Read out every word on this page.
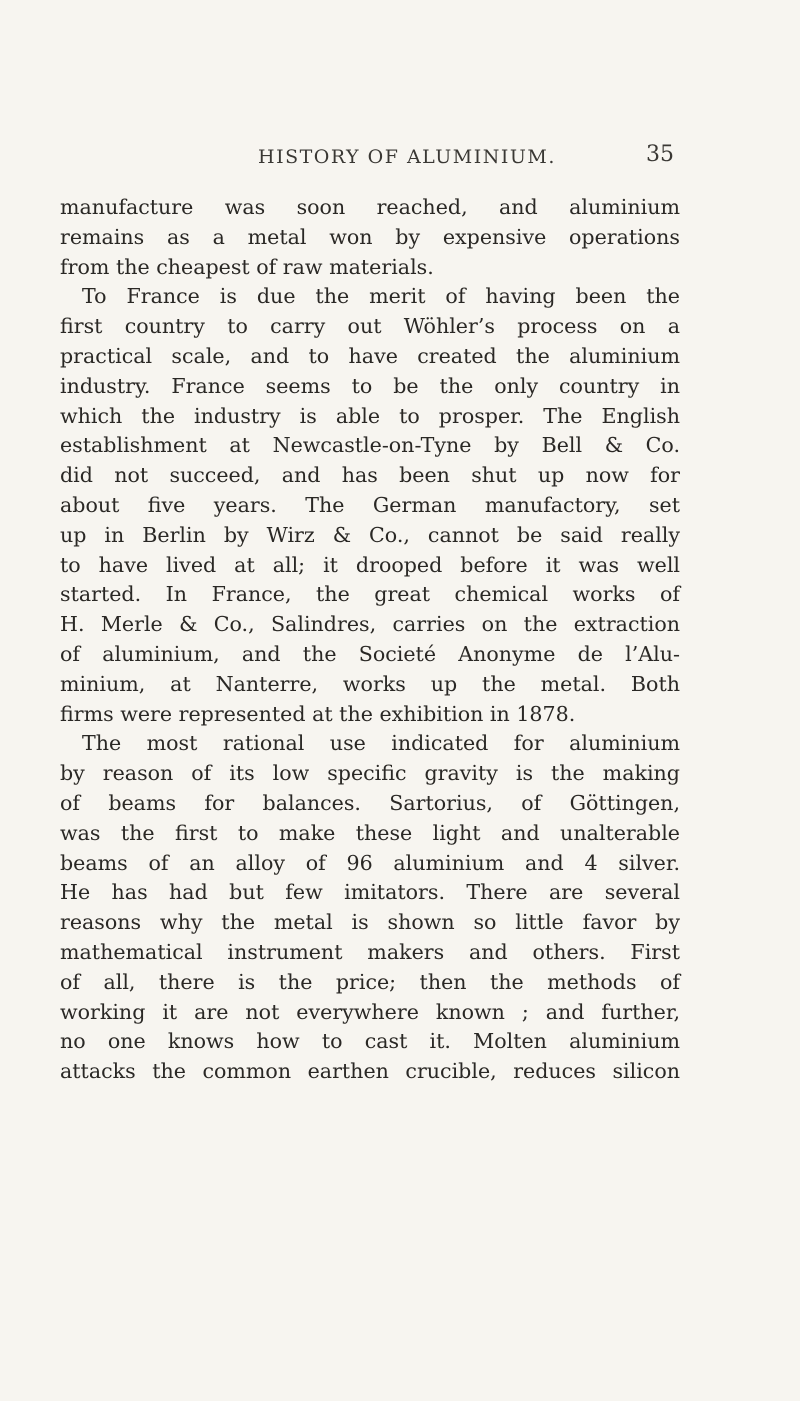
HISTORY OF ALUMINIUM.	35
manufacture was soon reached, and aluminium
remains as a metal won by expensive operations
from the cheapest of raw materials.
To France is due the merit of having been the
first country to carry out Wöhler’s process on a
practical scale, and to have created the aluminium
industry. France seems to be the only country in
which the industry is able to prosper. The English
establishment at Newcastle-on-Tyne by Bell & Co.
did not succeed, and has been shut up now for
about five years. The German manufactory, set
up in Berlin by Wirz & Co., cannot be said really
to have lived at all; it drooped before it was well
started. In France, the great chemical works of
H. Merle & Co., Salindres, carries on the extraction
of aluminium, and the Societé Anonyme de l’Alu-
minium, at Nanterre, works up the metal. Both
firms were represented at the exhibition in 1878.
The most rational use indicated for aluminium
by reason of its low specific gravity is the making
of beams for balances. Sartorius, of Göttingen,
was the first to make these light and unalterable
beams of an alloy of 96 aluminium and 4 silver.
He has had but few imitators. There are several
reasons why the metal is shown so little favor by
mathematical instrument makers and others. First
of all, there is the price; then the methods of
working it are not everywhere known ; and further,
no one knows how to cast it. Molten aluminium
attacks the common earthen crucible, reduces silicon
